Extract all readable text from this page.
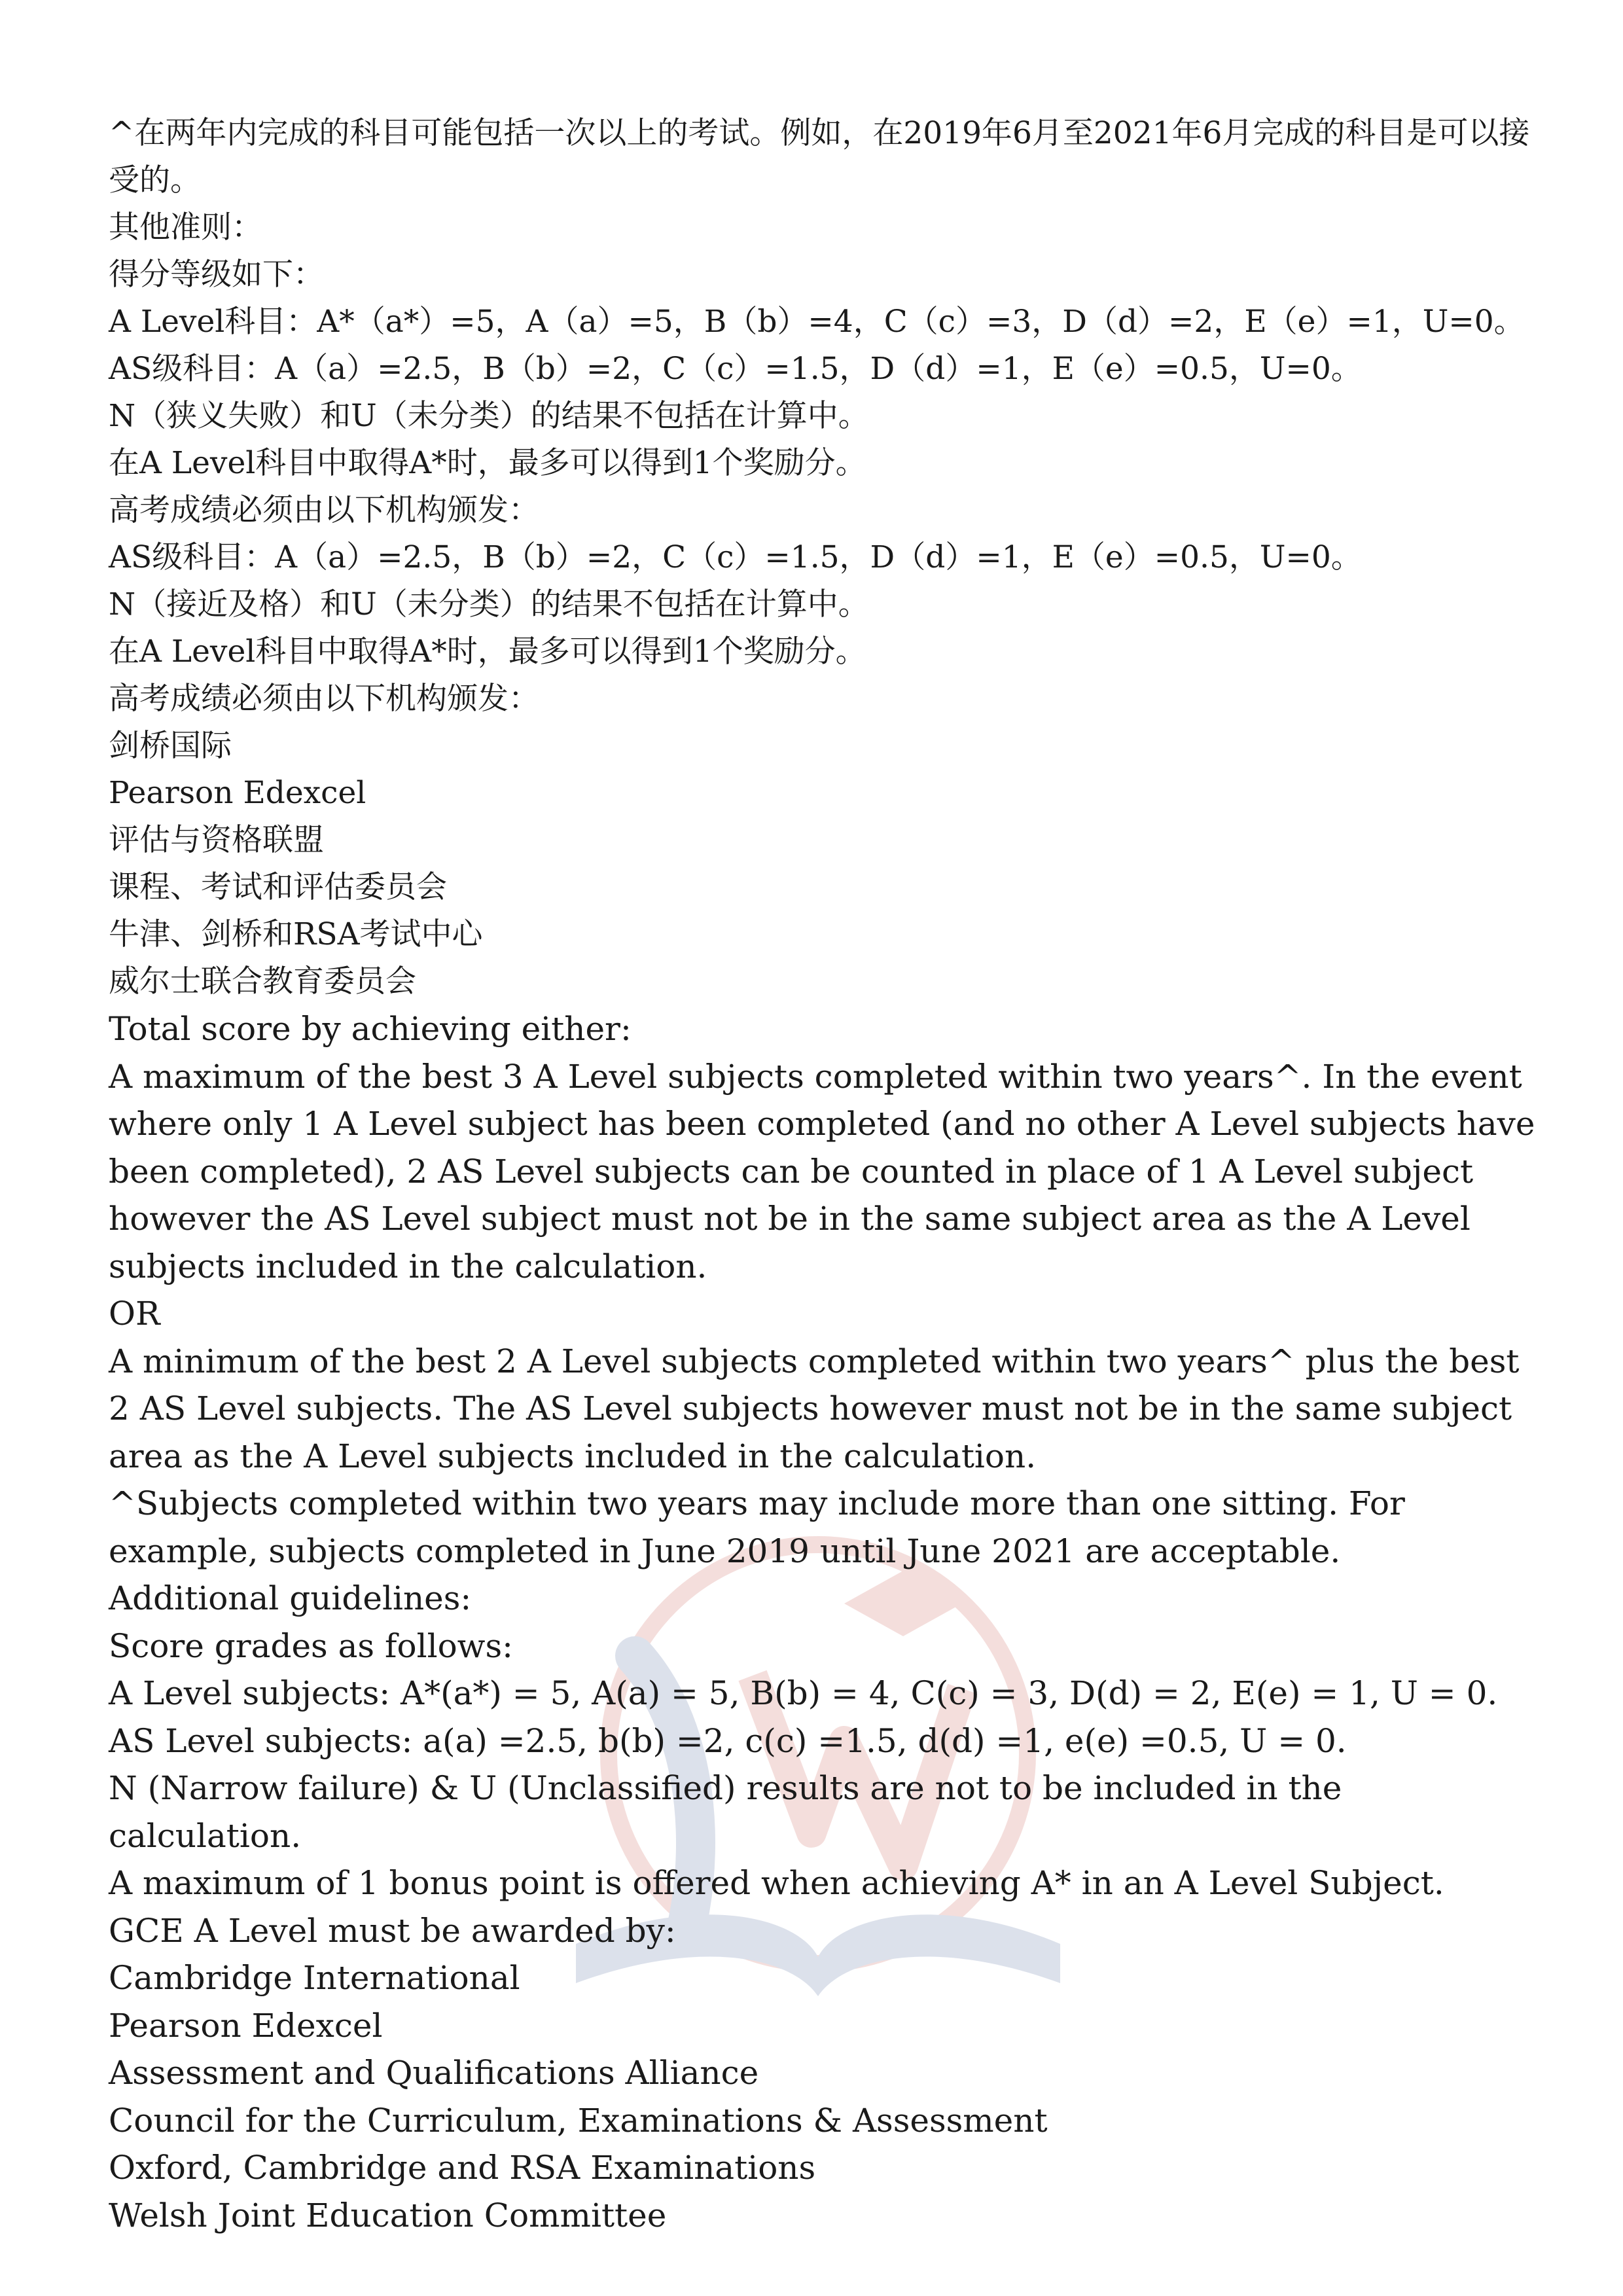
^在两年内完成的科目可能包括一次以上的考试。例如，在2019年6月至2021年6月完成的科目是可以接受的。

其他准则：

得分等级如下：

A Level科目：A*（a*）=5，A（a）=5，B（b）=4，C（c）=3，D（d）=2，E（e）=1，U=0。

AS级科目：A（a）=2.5，B（b）=2，C（c）=1.5，D（d）=1，E（e）=0.5，U=0。

N（狭义失败）和U（未分类）的结果不包括在计算中。

在A Level科目中取得A*时，最多可以得到1个奖励分。

高考成绩必须由以下机构颁发：

AS级科目：A（a）=2.5，B（b）=2，C（c）=1.5，D（d）=1，E（e）=0.5，U=0。

N（接近及格）和U（未分类）的结果不包括在计算中。

在A Level科目中取得A*时，最多可以得到1个奖励分。

高考成绩必须由以下机构颁发：

剑桥国际

Pearson Edexcel

评估与资格联盟

课程、考试和评估委员会

牛津、剑桥和RSA考试中心

威尔士联合教育委员会

Total score by achieving either:

A maximum of the best 3 A Level subjects completed within two years^. In the event where only 1 A Level subject has been completed (and no other A Level subjects have been completed), 2 AS Level subjects can be counted in place of 1 A Level subject however the AS Level subject must not be in the same subject area as the A Level subjects included in the calculation.

OR

A minimum of the best 2 A Level subjects completed within two years^ plus the best 2 AS Level subjects. The AS Level subjects however must not be in the same subject area as the A Level subjects included in the calculation.

^Subjects completed within two years may include more than one sitting. For example, subjects completed in June 2019 until June 2021 are acceptable.

Additional guidelines:

Score grades as follows:

A Level subjects: A*(a*) = 5, A(a) = 5, B(b) = 4, C(c) = 3, D(d) = 2, E(e) = 1, U = 0.

AS Level subjects: a(a) =2.5, b(b) =2, c(c) =1.5, d(d) =1, e(e) =0.5, U = 0.

N (Narrow failure) & U (Unclassified) results are not to be included in the calculation.

A maximum of 1 bonus point is offered when achieving A* in an A Level Subject.

GCE A Level must be awarded by:

Cambridge International

Pearson Edexcel

Assessment and Qualifications Alliance

Council for the Curriculum, Examinations & Assessment

Oxford, Cambridge and RSA Examinations

Welsh Joint Education Committee
